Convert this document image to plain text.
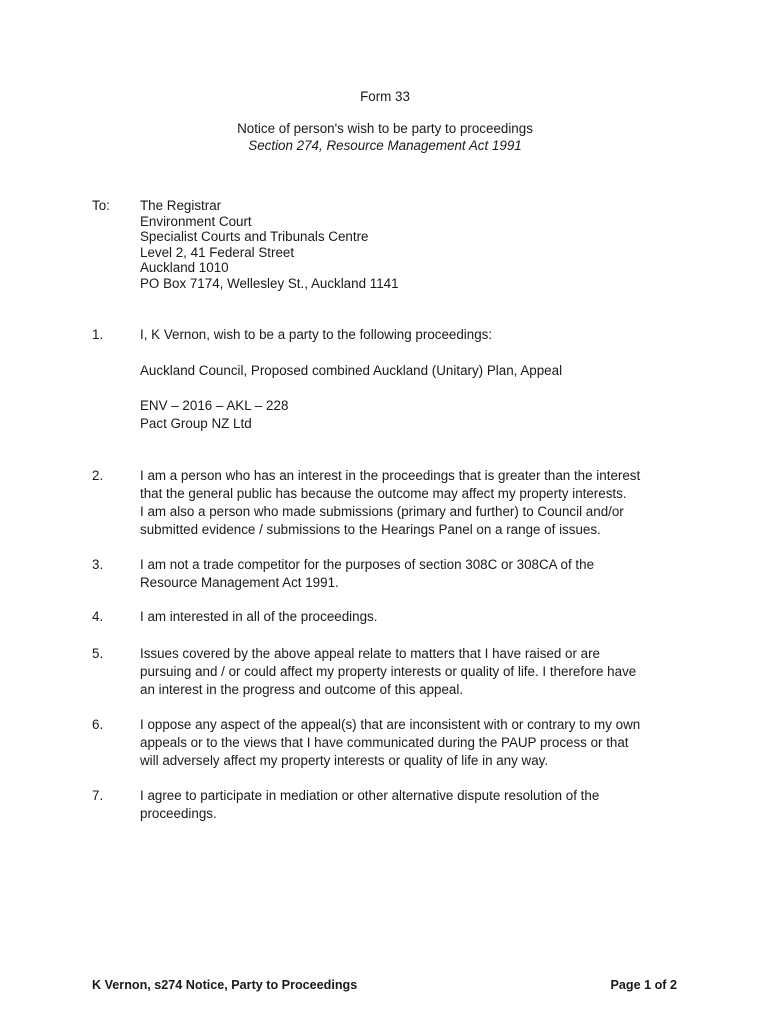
Form 33
Notice of person's wish to be party to proceedings
Section 274, Resource Management Act 1991
To: The Registrar
Environment Court
Specialist Courts and Tribunals Centre
Level 2, 41 Federal Street
Auckland 1010
PO Box 7174, Wellesley St., Auckland 1141
1.	I, K Vernon, wish to be a party to the following proceedings:
Auckland Council, Proposed combined Auckland (Unitary) Plan, Appeal
ENV – 2016 – AKL – 228
Pact Group NZ Ltd
2.	I am a person who has an interest in the proceedings that is greater than the interest
that the general public has because the outcome may affect my property interests.
I am also a person who made submissions (primary and further) to Council and/or
submitted evidence / submissions to the Hearings Panel on a range of issues.
3.	I am not a trade competitor for the purposes of section 308C or 308CA of the
Resource Management Act 1991.
4.	I am interested in all of the proceedings.
5.	Issues covered by the above appeal relate to matters that I have raised or are
pursuing and / or could affect my property interests or quality of life. I therefore have
an interest in the progress and outcome of this appeal.
6.	I oppose any aspect of the appeal(s) that are inconsistent with or contrary to my own
appeals or to the views that I have communicated during the PAUP process or that
will adversely affect my property interests or quality of life in any way.
7.	I agree to participate in mediation or other alternative dispute resolution of the
proceedings.
K Vernon, s274 Notice, Party to Proceedings	Page 1 of 2
